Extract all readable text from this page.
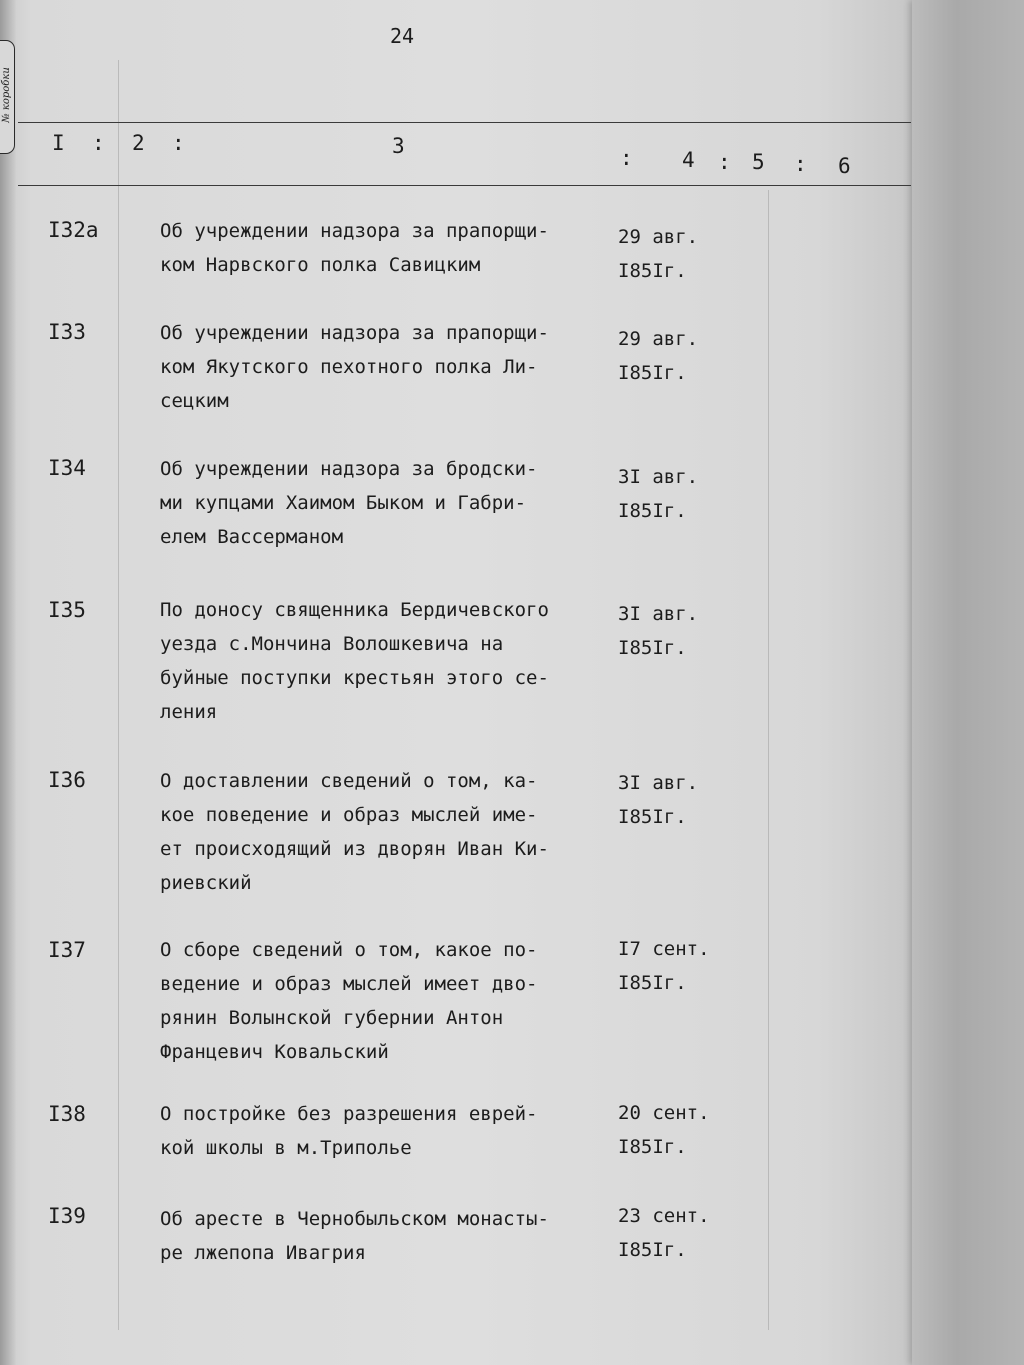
№ коробки
24
I : 2 :	3	: 4 : 5 : 6
I32а	Об учреждении надзора за прапорщи-
ком Нарвского полка Савицким
29 авг.
I85Iг.
I33	Об учреждении надзора за прапорщи-
ком Якутского пехотного полка Ли-
сецким
29 авг.
I85Iг.
I34	Об учреждении надзора за бродски-
ми купцами Хаимом Быком и Габри-
елем Вассерманом
3I авг.
I85Iг.
I35	По доносу священника Бердичевского
уезда с.Мончина Волошкевича на
буйные поступки крестьян этого се-
ления
3I авг.
I85Iг.
I36	О доставлении сведений о том, ка-
кое поведение и образ мыслей име-
ет происходящий из дворян Иван Ки-
риевский
3I авг.
I85Iг.
I37	О сборе сведений о том, какое по-
ведение и образ мыслей имеет дво-
рянин Волынской губернии Антон
Францевич Ковальский
I7 сент.
I85Iг.
I38	О постройке без разрешения еврей-
кой школы в м.Триполье
20 сент.
I85Iг.
I39	Об аресте в Чернобыльском монасты-
ре лжепопа Ивагрия
23 сент.
I85Iг.
